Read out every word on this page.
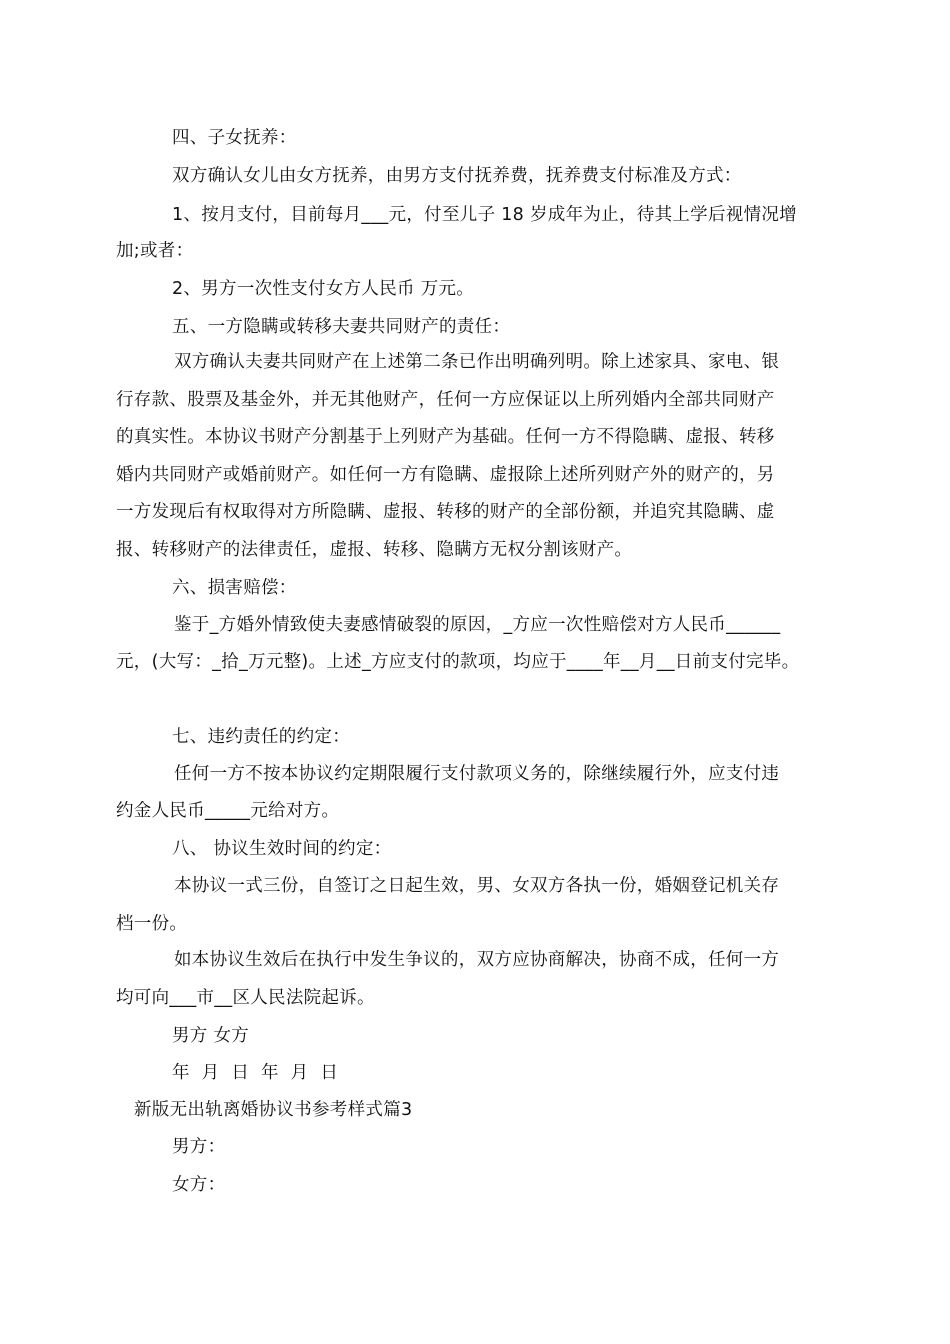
四、子女抚养：

双方确认女儿由女方抚养，由男方支付抚养费，抚养费支付标准及方式：

1、按月支付，目前每月___元，付至儿子 18 岁成年为止，待其上学后视情况增

加;或者：

2、男方一次性支付女方人民币 万元。

五、一方隐瞒或转移夫妻共同财产的责任：

双方确认夫妻共同财产在上述第二条已作出明确列明。除上述家具、家电、银

行存款、股票及基金外，并无其他财产，任何一方应保证以上所列婚内全部共同财产

的真实性。本协议书财产分割基于上列财产为基础。任何一方不得隐瞒、虚报、转移

婚内共同财产或婚前财产。如任何一方有隐瞒、虚报除上述所列财产外的财产的，另

一方发现后有权取得对方所隐瞒、虚报、转移的财产的全部份额，并追究其隐瞒、虚

报、转移财产的法律责任，虚报、转移、隐瞒方无权分割该财产。

六、损害赔偿：

鉴于_方婚外情致使夫妻感情破裂的原因，_方应一次性赔偿对方人民币______

元，(大写：_拾_万元整)。上述_方应支付的款项，均应于____年__月__日前支付完毕。

七、违约责任的约定：

任何一方不按本协议约定期限履行支付款项义务的，除继续履行外，应支付违

约金人民币_____元给对方。

八、 协议生效时间的约定：

本协议一式三份，自签订之日起生效，男、女双方各执一份，婚姻登记机关存

档一份。

如本协议生效后在执行中发生争议的，双方应协商解决，协商不成，任何一方

均可向___市__区人民法院起诉。

男方 女方

年 月 日 年 月 日

新版无出轨离婚协议书参考样式篇3

男方：

女方：
